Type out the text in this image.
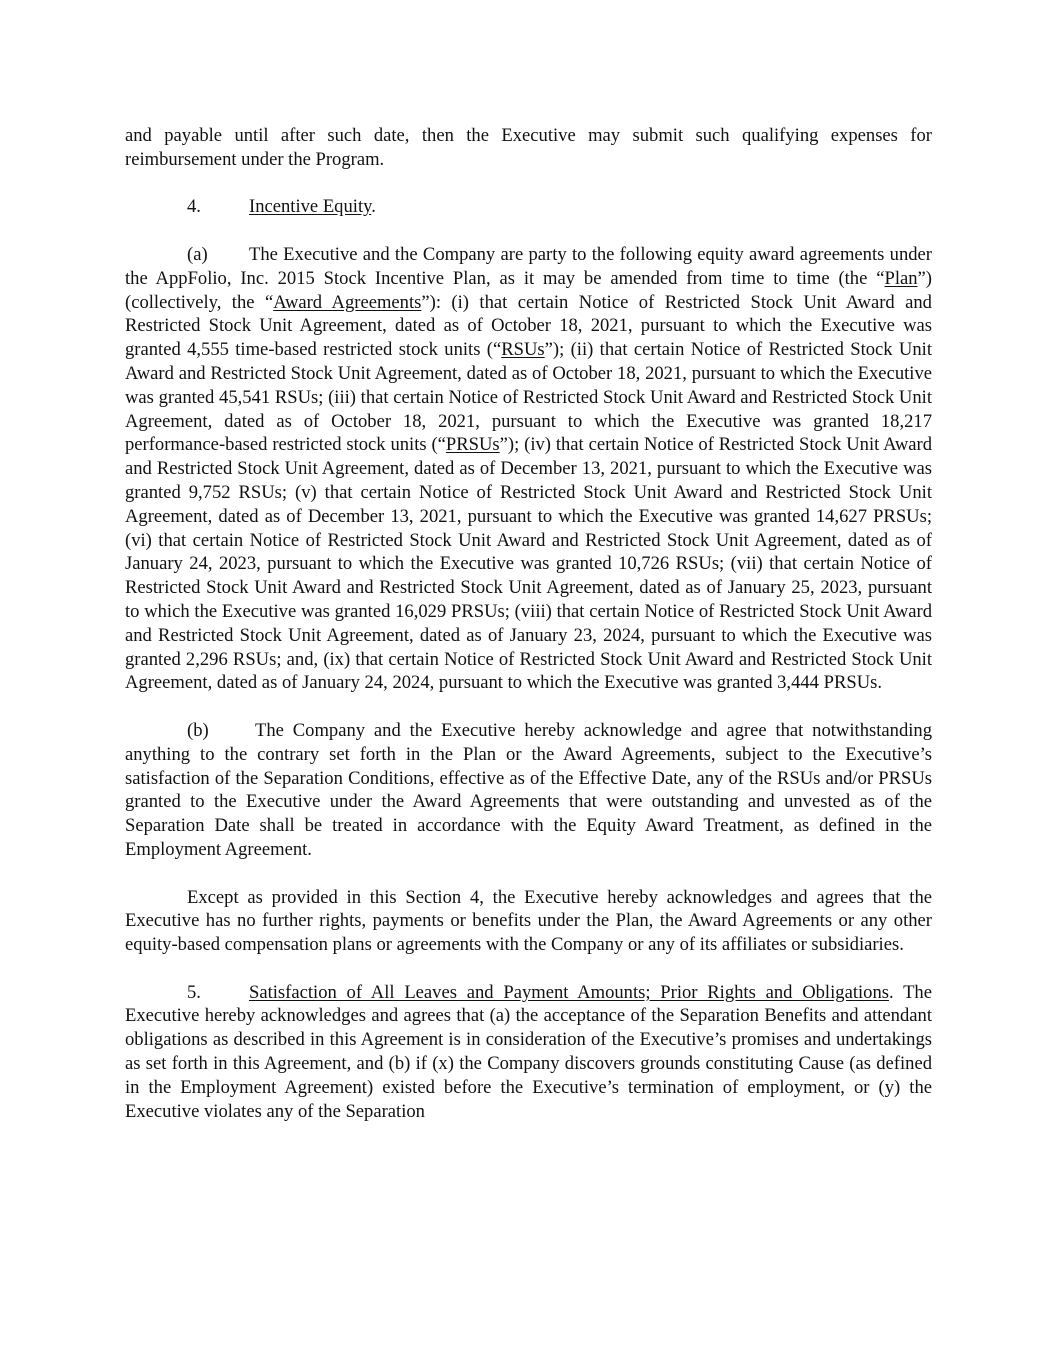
and payable until after such date, then the Executive may submit such qualifying expenses for reimbursement under the Program.

4.	Incentive Equity.

(a) The Executive and the Company are party to the following equity award agreements under the AppFolio, Inc. 2015 Stock Incentive Plan, as it may be amended from time to time (the “Plan”) (collectively, the “Award Agreements”): (i) that certain Notice of Restricted Stock Unit Award and Restricted Stock Unit Agreement, dated as of October 18, 2021, pursuant to which the Executive was granted 4,555 time-based restricted stock units (“RSUs”); (ii) that certain Notice of Restricted Stock Unit Award and Restricted Stock Unit Agreement, dated as of October 18, 2021, pursuant to which the Executive was granted 45,541 RSUs; (iii) that certain Notice of Restricted Stock Unit Award and Restricted Stock Unit Agreement, dated as of October 18, 2021, pursuant to which the Executive was granted 18,217 performance-based restricted stock units (“PRSUs”); (iv) that certain Notice of Restricted Stock Unit Award and Restricted Stock Unit Agreement, dated as of December 13, 2021, pursuant to which the Executive was granted 9,752 RSUs; (v) that certain Notice of Restricted Stock Unit Award and Restricted Stock Unit Agreement, dated as of December 13, 2021, pursuant to which the Executive was granted 14,627 PRSUs; (vi) that certain Notice of Restricted Stock Unit Award and Restricted Stock Unit Agreement, dated as of January 24, 2023, pursuant to which the Executive was granted 10,726 RSUs; (vii) that certain Notice of Restricted Stock Unit Award and Restricted Stock Unit Agreement, dated as of January 25, 2023, pursuant to which the Executive was granted 16,029 PRSUs; (viii) that certain Notice of Restricted Stock Unit Award and Restricted Stock Unit Agreement, dated as of January 23, 2024, pursuant to which the Executive was granted 2,296 RSUs; and, (ix) that certain Notice of Restricted Stock Unit Award and Restricted Stock Unit Agreement, dated as of January 24, 2024, pursuant to which the Executive was granted 3,444 PRSUs.

(b) The Company and the Executive hereby acknowledge and agree that notwithstanding anything to the contrary set forth in the Plan or the Award Agreements, subject to the Executive’s satisfaction of the Separation Conditions, effective as of the Effective Date, any of the RSUs and/or PRSUs granted to the Executive under the Award Agreements that were outstanding and unvested as of the Separation Date shall be treated in accordance with the Equity Award Treatment, as defined in the Employment Agreement.

Except as provided in this Section 4, the Executive hereby acknowledges and agrees that the Executive has no further rights, payments or benefits under the Plan, the Award Agreements or any other equity-based compensation plans or agreements with the Company or any of its affiliates or subsidiaries.

5.	Satisfaction of All Leaves and Payment Amounts; Prior Rights and Obligations. The Executive hereby acknowledges and agrees that (a) the acceptance of the Separation Benefits and attendant obligations as described in this Agreement is in consideration of the Executive’s promises and undertakings as set forth in this Agreement, and (b) if (x) the Company discovers grounds constituting Cause (as defined in the Employment Agreement) existed before the Executive’s termination of employment, or (y) the Executive violates any of the Separation
